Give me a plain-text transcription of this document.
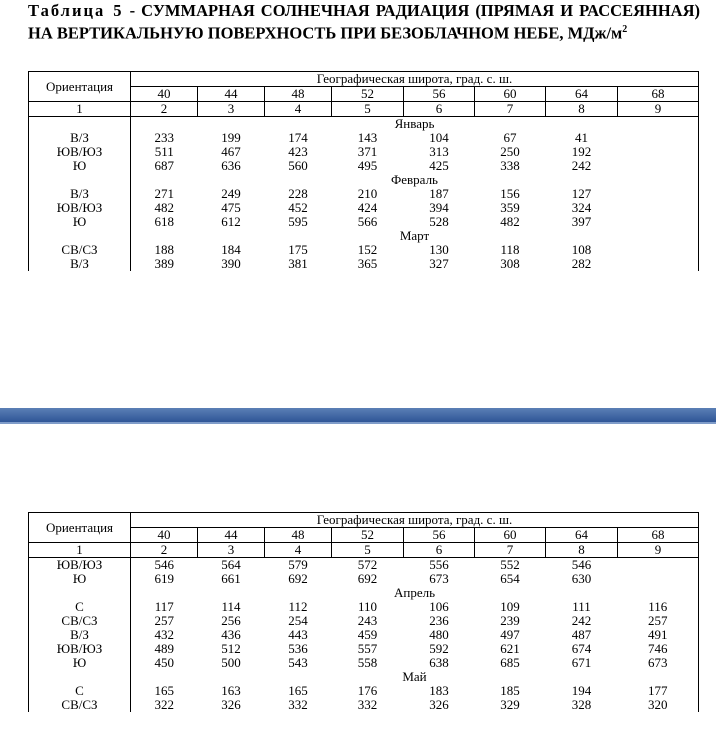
Таблица 5 - СУММАРНАЯ СОЛНЕЧНАЯ РАДИАЦИЯ (ПРЯМАЯ И РАССЕЯННАЯ) НА ВЕРТИКАЛЬНУЮ ПОВЕРХНОСТЬ ПРИ БЕЗОБЛАЧНОМ НЕБЕ, МДж/$м^2$
Ориентация	Географическая широта, град. с. ш.							
	40	44	48	52	56	60	64	68
1	2	3	4	5	6	7	8	9
	Январь							
В/З	233	199	174	143	104	67	41	
ЮВ/ЮЗ	511	467	423	371	313	250	192	
Ю	687	636	560	495	425	338	242	
	Февраль							
В/З	271	249	228	210	187	156	127	
ЮВ/ЮЗ	482	475	452	424	394	359	324	
Ю	618	612	595	566	528	482	397	
	Март							
СВ/СЗ	188	184	175	152	130	118	108	
В/З	389	390	381	365	327	308	282	
Ориентация	Географическая широта, град. с. ш.							
	40	44	48	52	56	60	64	68
1	2	3	4	5	6	7	8	9
ЮВ/ЮЗ	546	564	579	572	556	552	546	
Ю	619	661	692	692	673	654	630	
	Апрель							
С	117	114	112	110	106	109	111	116
СВ/СЗ	257	256	254	243	236	239	242	257
В/З	432	436	443	459	480	497	487	491
ЮВ/ЮЗ	489	512	536	557	592	621	674	746
Ю	450	500	543	558	638	685	671	673
	Май							
С	165	163	165	176	183	185	194	177
СВ/СЗ	322	326	332	332	326	329	328	320
